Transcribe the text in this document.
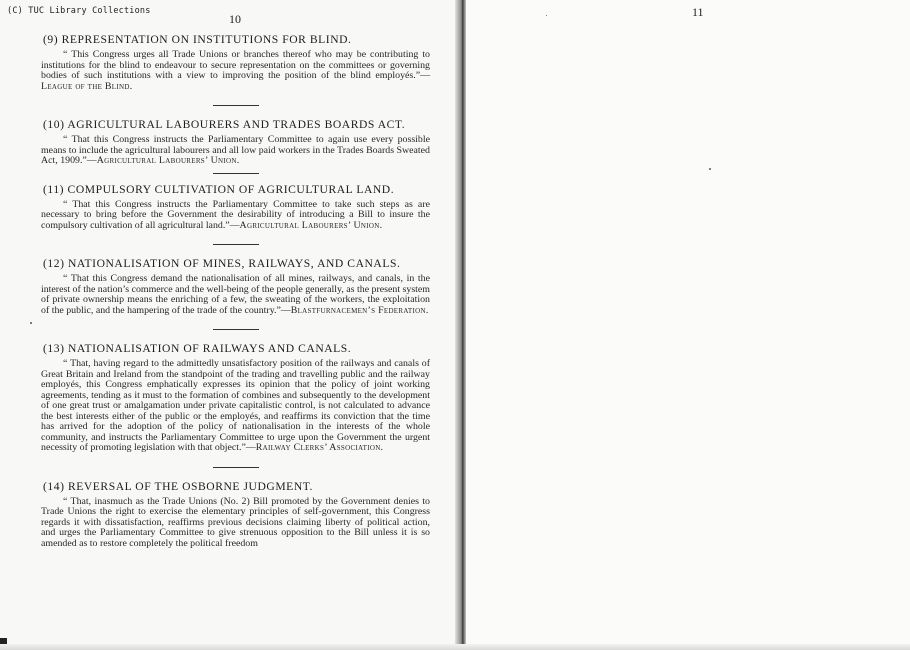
(C) TUC Library Collections
10
(9) REPRESENTATION ON INSTITUTIONS FOR BLIND.

“ This Congress urges all Trade Unions or branches thereof who may be contributing to institutions for the blind to endeavour to secure representation on the committees or governing bodies of such institutions with a view to improving the position of the blind employés.”—League of the Blind.

(10) AGRICULTURAL LABOURERS AND TRADES BOARDS ACT.

“ That this Congress instructs the Parliamentary Committee to again use every possible means to include the agricultural labourers and all low paid workers in the Trades Boards Sweated Act, 1909.”—Agricultural Labourers’ Union.

(11) COMPULSORY CULTIVATION OF AGRICULTURAL LAND.

“ That this Congress instructs the Parliamentary Committee to take such steps as are necessary to bring before the Government the desirability of introducing a Bill to insure the compulsory cultivation of all agricultural land.”—Agricultural Labourers’ Union.

(12) NATIONALISATION OF MINES, RAILWAYS, AND CANALS.

“ That this Congress demand the nationalisation of all mines, railways, and canals, in the interest of the nation’s commerce and the well-being of the people generally, as the present system of private ownership means the enriching of a few, the sweating of the workers, the exploitation of the public, and the hampering of the trade of the country.”—Blastfurnacemen’s Federation.

(13) NATIONALISATION OF RAILWAYS AND CANALS.

“ That, having regard to the admittedly unsatisfactory position of the railways and canals of Great Britain and Ireland from the standpoint of the trading and travelling public and the railway employés, this Congress emphatically expresses its opinion that the policy of joint working agreements, tending as it must to the formation of combines and subsequently to the development of one great trust or amalgamation under private capitalistic control, is not calculated to advance the best interests either of the public or the employés, and reaffirms its conviction that the time has arrived for the adoption of the policy of nationalisation in the interests of the whole community, and instructs the Parliamentary Committee to urge upon the Government the urgent necessity of promoting legislation with that object.”—Railway Clerks’ Association.

(14) REVERSAL OF THE OSBORNE JUDGMENT.

“ That, inasmuch as the Trade Unions (No. 2) Bill promoted by the Government denies to Trade Unions the right to exercise the elementary principles of self-government, this Congress regards it with dissatisfaction, reaffirms previous decisions claiming liberty of political action, and urges the Parliamentary Committee to give strenuous opposition to the Bill unless it is so amended as to restore completely the political freedom

11
